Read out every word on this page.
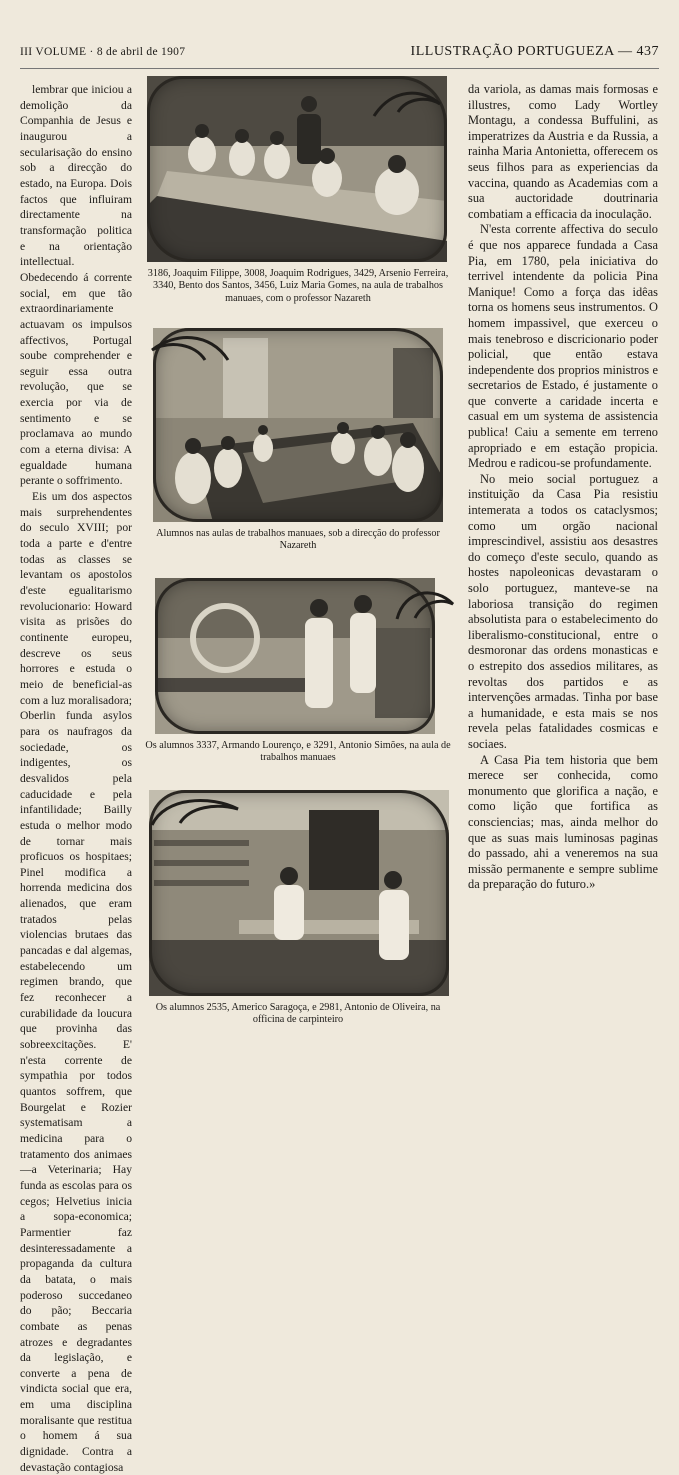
III VOLUME · 8 de abril de 1907	ILLUSTRAÇÃO PORTUGUEZA — 437

lembrar que iniciou a demolição da Companhia de Jesus e inaugurou a secularisação do ensino sob a direcção do estado, na Europa. Dois factos que influiram directamente na transformação politica e na orientação intellectual. Obedecendo á corrente social, em que tão extraordinariamente actuavam os impulsos affectivos, Portugal soube comprehender e seguir essa outra revolução, que se exercia por via de sentimento e se proclamava ao mundo com a eterna divisa: A egualdade humana perante o soffrimento.

Eis um dos aspectos mais surprehendentes do seculo XVIII; por toda a parte e d'entre todas as classes se levantam os apostolos d'este egualitarismo revolucionario: Howard visita as prisões do continente europeu, descreve os seus horrores e estuda o meio de beneficial-as com a luz moralisadora; Oberlin funda asylos para os naufragos da sociedade, os indigentes, os desvalidos pela caducidade e pela infantilidade; Bailly estuda o melhor modo de tornar mais proficuos os hospitaes; Pinel modifica a horrenda medicina dos alienados, que eram tratados pelas violencias brutaes das pancadas e dal algemas, estabelecendo um regimen brando, que fez reconhecer a curabilidade da loucura que provinha das sobreexcitações. E' n'esta corrente de sympathia por todos quantos soffrem, que Bourgelat e Rozier systematisam a medicina para o tratamento dos animaes—a Veterinaria; Hay funda as escolas para os cegos; Helvetius inicia a sopa-economica; Parmentier faz desinteressadamente a propaganda da cultura da batata, o mais poderoso succedaneo do pão; Beccaria combate as penas atrozes e degradantes da legislação, e converte a pena de vindicta social que era, em uma disciplina moralisante que restitua o homem á sua dignidade. Contra a devastação contagiosa

da variola, as damas mais formosas e illustres, como Lady Wortley Montagu, a condessa Buffulini, as imperatrizes da Austria e da Russia, a rainha Maria Antonietta, offerecem os seus filhos para as experiencias da vaccina, quando as Academias com a sua auctoridade doutrinaria combatiam a efficacia da inoculação.

N'esta corrente affectiva do seculo é que nos apparece fundada a Casa Pia, em 1780, pela iniciativa do terrivel intendente da policia Pina Manique! Como a força das idêas torna os homens seus instrumentos. O homem impassivel, que exerceu o mais tenebroso e discricionario poder policial, que então estava independente dos proprios ministros e secretarios de Estado, é justamente o que converte a caridade incerta e casual em um systema de assistencia publica! Caiu a semente em terreno apropriado e em estação propicia. Medrou e radicou-se profundamente.

No meio social portuguez a instituição da Casa Pia resistiu intemerata a todos os cataclysmos; como um orgão nacional imprescindivel, assistiu aos desastres do começo d'este seculo, quando as hostes napoleonicas devastaram o solo portuguez, manteve-se na laboriosa transição do regimen absolutista para o estabelecimento do liberalismo-constitucional, entre o desmoronar das ordens monasticas e o estrepito dos assedios militares, as revoltas dos partidos e as intervenções armadas. Tinha por base a humanidade, e esta mais se nos revela pelas fatalidades cosmicas e sociaes.

A Casa Pia tem historia que bem merece ser conhecida, como monumento que glorifica a nação, e como lição que fortifica as consciencias; mas, ainda melhor do que as suas mais luminosas paginas do passado, ahi a veneremos na sua missão permanente e sempre sublime da preparação do futuro.»

3186, Joaquim Filippe, 3008, Joaquim Rodrigues, 3429, Arsenio Ferreira, 3340, Bento dos Santos, 3456, Luiz Maria Gomes, na aula de trabalhos manuaes, com o professor Nazareth
Alumnos nas aulas de trabalhos manuaes, sob a direcção do professor Nazareth
Os alumnos 3337, Armando Lourenço, e 3291, Antonio Simões, na aula de trabalhos manuaes
Os alumnos 2535, Americo Saragoça, e 2981, Antonio de Oliveira, na officina de carpinteiro
